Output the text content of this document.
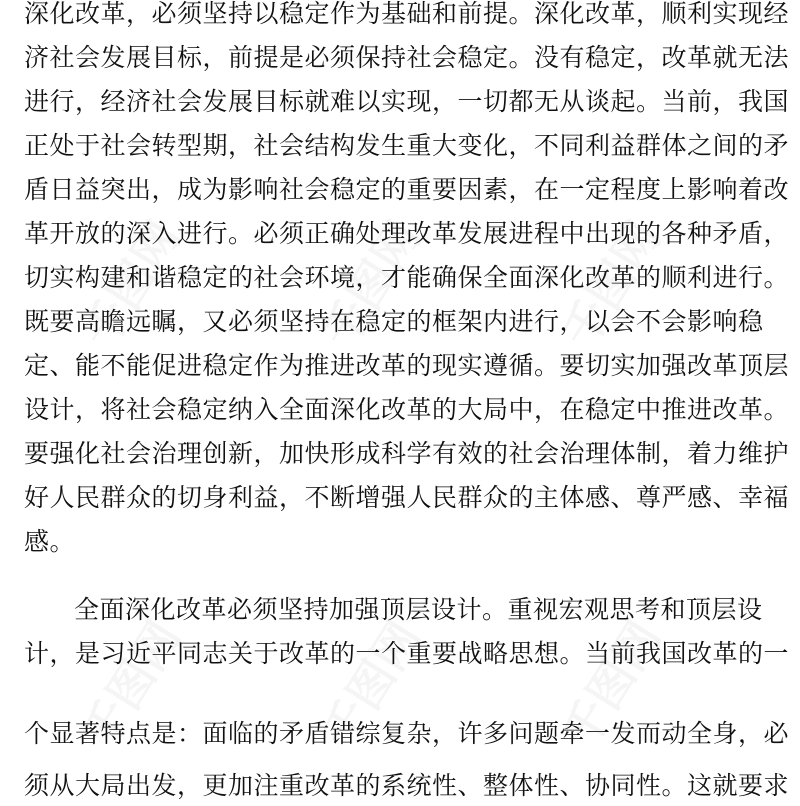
千图网	千图网	千图网
千图网	千图网	千图网
深化改革，必须坚持以稳定作为基础和前提。深化改革，顺利实现经
济社会发展目标，前提是必须保持社会稳定。没有稳定，改革就无法
进行，经济社会发展目标就难以实现，一切都无从谈起。当前，我国
正处于社会转型期，社会结构发生重大变化，不同利益群体之间的矛
盾日益突出，成为影响社会稳定的重要因素，在一定程度上影响着改
革开放的深入进行。必须正确处理改革发展进程中出现的各种矛盾，
切实构建和谐稳定的社会环境，才能确保全面深化改革的顺利进行。
既要高瞻远瞩，又必须坚持在稳定的框架内进行，以会不会影响稳
定、能不能促进稳定作为推进改革的现实遵循。要切实加强改革顶层
设计，将社会稳定纳入全面深化改革的大局中，在稳定中推进改革。
要强化社会治理创新，加快形成科学有效的社会治理体制，着力维护
好人民群众的切身利益，不断增强人民群众的主体感、尊严感、幸福
感。
全面深化改革必须坚持加强顶层设计。重视宏观思考和顶层设
计，是习近平同志关于改革的一个重要战略思想。当前我国改革的一
个显著特点是：面临的矛盾错综复杂，许多问题牵一发而动全身，必
须从大局出发，更加注重改革的系统性、整体性、协同性。这就要求
